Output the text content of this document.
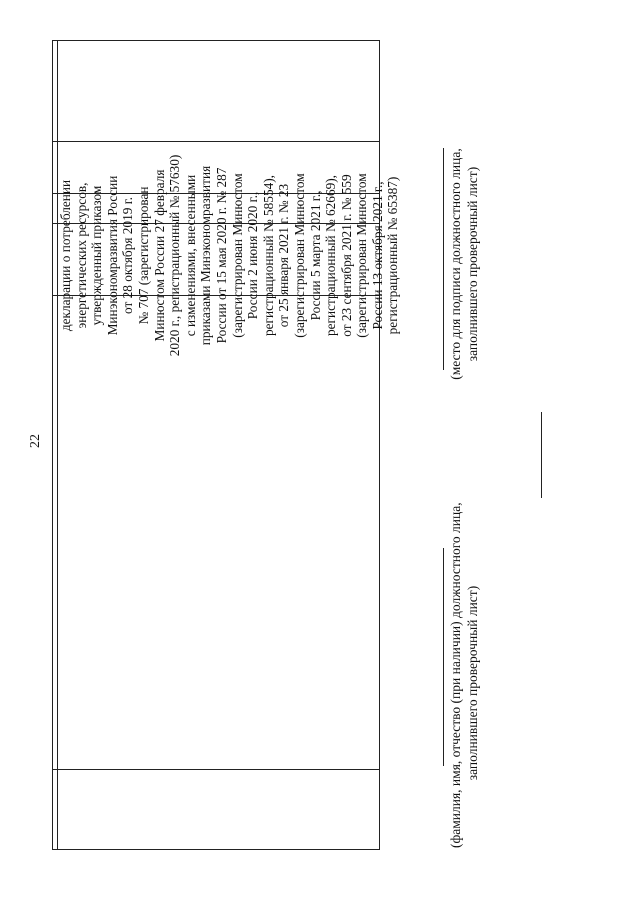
22
декларации о потреблении энергетических ресурсов, утвержденный приказом Минэкономразвития России от 28 октября 2019 г. № 707 (зарегистрирован Минюстом России 27 февраля 2020 г., регистрационный № 57630) с изменениями, внесенными приказами Минэкономразвития России от 15 мая 2020 г. № 287 (зарегистрирован Минюстом России 2 июня 2020 г., регистрационный № 58554), от 25 января 2021 г. № 23 (зарегистрирован Минюстом России 5 марта 2021 г., регистрационный № 62669), от 23 сентября 2021 г. № 559 (зарегистрирован Минюстом России 13 октября 2021 г., регистрационный № 65387)
(фамилия, имя, отчество (при наличии) должностного лица, заполнившего проверочный лист)
(место для подписи должностного лица, заполнившего проверочный лист)
